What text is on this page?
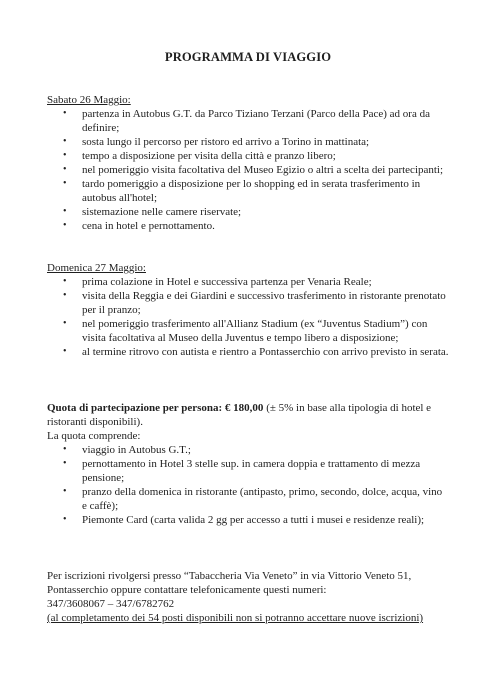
PROGRAMMA DI VIAGGIO

Sabato 26 Maggio:

• partenza in Autobus G.T. da Parco Tiziano Terzani (Parco della Pace) ad ora da definire;
• sosta lungo il percorso per ristoro ed arrivo a Torino in mattinata;
• tempo a disposizione per visita della città e pranzo libero;
• nel pomeriggio visita facoltativa del Museo Egizio o altri a scelta dei partecipanti;
• tardo pomeriggio a disposizione per lo shopping ed in serata trasferimento in autobus all'hotel;
• sistemazione nelle camere riservate;
• cena in hotel e pernottamento.

Domenica 27 Maggio:

• prima colazione in Hotel e successiva partenza per Venaria Reale;
• visita della Reggia e dei Giardini e successivo trasferimento in ristorante prenotato per il pranzo;
• nel pomeriggio trasferimento all'Allianz Stadium (ex “Juventus Stadium”) con visita facoltativa al Museo della Juventus e tempo libero a disposizione;
• al termine ritrovo con autista e rientro a Pontasserchio con arrivo previsto in serata.

Quota di partecipazione per persona: € 180,00 (± 5% in base alla tipologia di hotel e ristoranti disponibili).

La quota comprende:

• viaggio in Autobus G.T.;
• pernottamento in Hotel 3 stelle sup. in camera doppia e trattamento di mezza pensione;
• pranzo della domenica in ristorante (antipasto, primo, secondo, dolce, acqua, vino e caffè);
• Piemonte Card (carta valida 2 gg per accesso a tutti i musei e residenze reali);

Per iscrizioni rivolgersi presso “Tabaccheria Via Veneto” in via Vittorio Veneto 51,

Pontasserchio oppure contattare telefonicamente questi numeri:

347/3608067 – 347/6782762

(al completamento dei 54 posti disponibili non si potranno accettare nuove iscrizioni)
